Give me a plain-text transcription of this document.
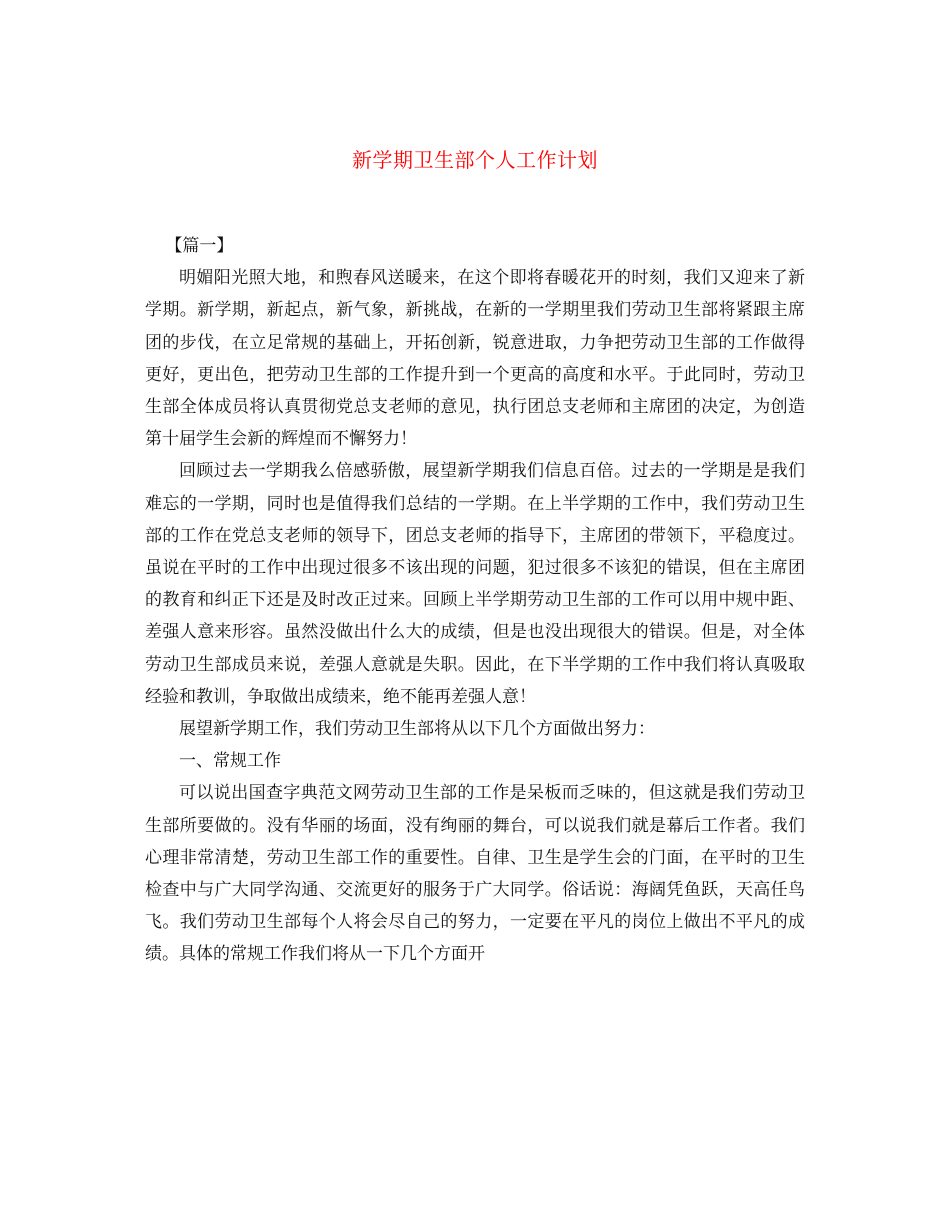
新学期卫生部个人工作计划

【篇一】

明媚阳光照大地，和煦春风送暖来，在这个即将春暖花开的时刻，我们又迎来了新学期。新学期，新起点，新气象，新挑战，在新的一学期里我们劳动卫生部将紧跟主席团的步伐，在立足常规的基础上，开拓创新，锐意进取，力争把劳动卫生部的工作做得更好，更出色，把劳动卫生部的工作提升到一个更高的高度和水平。于此同时，劳动卫生部全体成员将认真贯彻党总支老师的意见，执行团总支老师和主席团的决定，为创造第十届学生会新的辉煌而不懈努力！

回顾过去一学期我么倍感骄傲，展望新学期我们信息百倍。过去的一学期是是我们难忘的一学期，同时也是值得我们总结的一学期。在上半学期的工作中，我们劳动卫生部的工作在党总支老师的领导下，团总支老师的指导下，主席团的带领下，平稳度过。虽说在平时的工作中出现过很多不该出现的问题，犯过很多不该犯的错误，但在主席团的教育和纠正下还是及时改正过来。回顾上半学期劳动卫生部的工作可以用中规中距、差强人意来形容。虽然没做出什么大的成绩，但是也没出现很大的错误。但是，对全体劳动卫生部成员来说，差强人意就是失职。因此，在下半学期的工作中我们将认真吸取经验和教训，争取做出成绩来，绝不能再差强人意！

展望新学期工作，我们劳动卫生部将从以下几个方面做出努力：

一、常规工作

可以说出国查字典范文网劳动卫生部的工作是呆板而乏味的，但这就是我们劳动卫生部所要做的。没有华丽的场面，没有绚丽的舞台，可以说我们就是幕后工作者。我们心理非常清楚，劳动卫生部工作的重要性。自律、卫生是学生会的门面，在平时的卫生检查中与广大同学沟通、交流更好的服务于广大同学。俗话说：海阔凭鱼跃，天高任鸟飞。我们劳动卫生部每个人将会尽自己的努力，一定要在平凡的岗位上做出不平凡的成绩。具体的常规工作我们将从一下几个方面开
